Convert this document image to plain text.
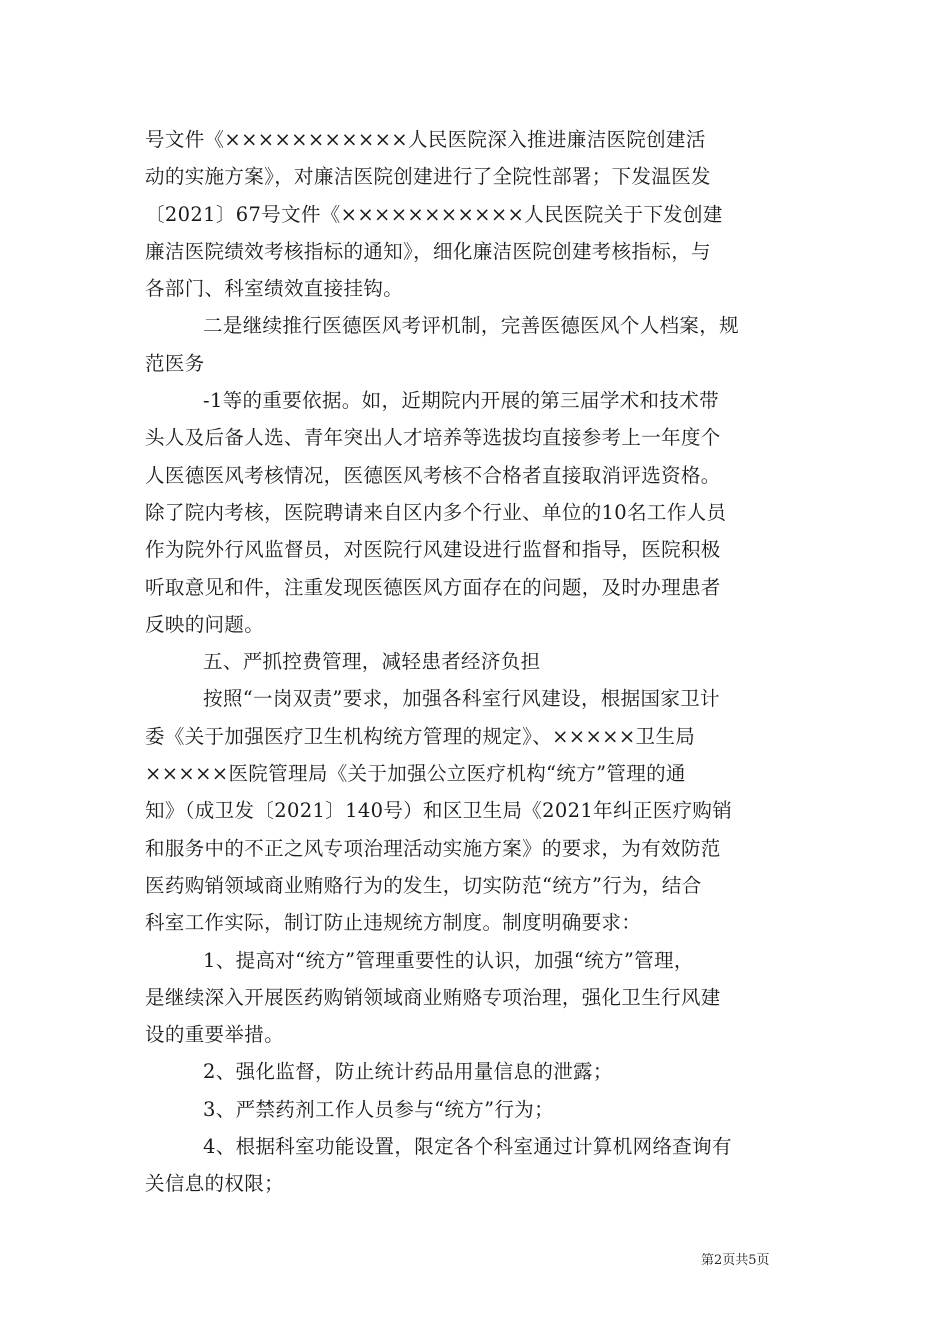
号文件《×××××××××××人民医院深入推进廉洁医院创建活
动的实施方案》，对廉洁医院创建进行了全院性部署；下发温医发
〔2021〕67号文件《×××××××××××人民医院关于下发创建
廉洁医院绩效考核指标的通知》，细化廉洁医院创建考核指标，与
各部门、科室绩效直接挂钩。

二是继续推行医德医风考评机制，完善医德医风个人档案，规
范医务

-1等的重要依据。如，近期院内开展的第三届学术和技术带
头人及后备人选、青年突出人才培养等选拔均直接参考上一年度个
人医德医风考核情况，医德医风考核不合格者直接取消评选资格。
除了院内考核，医院聘请来自区内多个行业、单位的10名工作人员
作为院外行风监督员，对医院行风建设进行监督和指导，医院积极
听取意见和件，注重发现医德医风方面存在的问题，及时办理患者
反映的问题。

五、严抓控费管理，减轻患者经济负担

按照“一岗双责”要求，加强各科室行风建设，根据国家卫计
委《关于加强医疗卫生机构统方管理的规定》、×××××卫生局
×××××医院管理局《关于加强公立医疗机构“统方”管理的通
知》（成卫发〔2021〕140号）和区卫生局《2021年纠正医疗购销
和服务中的不正之风专项治理活动实施方案》的要求，为有效防范
医药购销领域商业贿赂行为的发生，切实防范“统方”行为，结合
科室工作实际，制订防止违规统方制度。制度明确要求：

1、提高对“统方”管理重要性的认识，加强“统方”管理，
是继续深入开展医药购销领域商业贿赂专项治理，强化卫生行风建
设的重要举措。

2、强化监督，防止统计药品用量信息的泄露；

3、严禁药剂工作人员参与“统方”行为；

4、根据科室功能设置，限定各个科室通过计算机网络查询有
关信息的权限；

第2页共5页
